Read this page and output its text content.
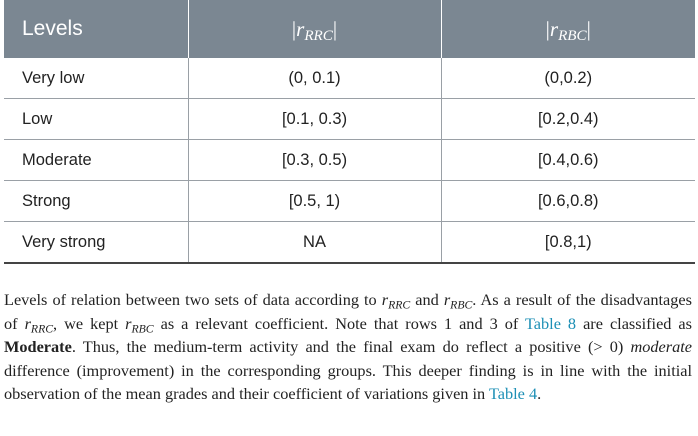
Levels	$|r_{RRC}|$	$|r_{RBC}|$
Very low	(0, 0.1)	(0,0.2)
Low	[0.1, 0.3)	[0.2,0.4)
Moderate	[0.3, 0.5)	[0.4,0.6)
Strong	[0.5, 1)	[0.6,0.8)
Very strong	NA	[0.8,1)

Levels of relation between two sets of data according to $r_{RRC}$ and $r_{RBC}$. As a result of the disadvantages of $r_{RRC}$, we kept $r_{RBC}$ as a relevant coefficient. Note that rows 1 and 3 of Table 8 are classified as Moderate. Thus, the medium-term activity and the final exam do reflect a positive (> 0) moderate difference (improvement) in the corresponding groups. This deeper finding is in line with the initial observation of the mean grades and their coefficient of variations given in Table 4.
